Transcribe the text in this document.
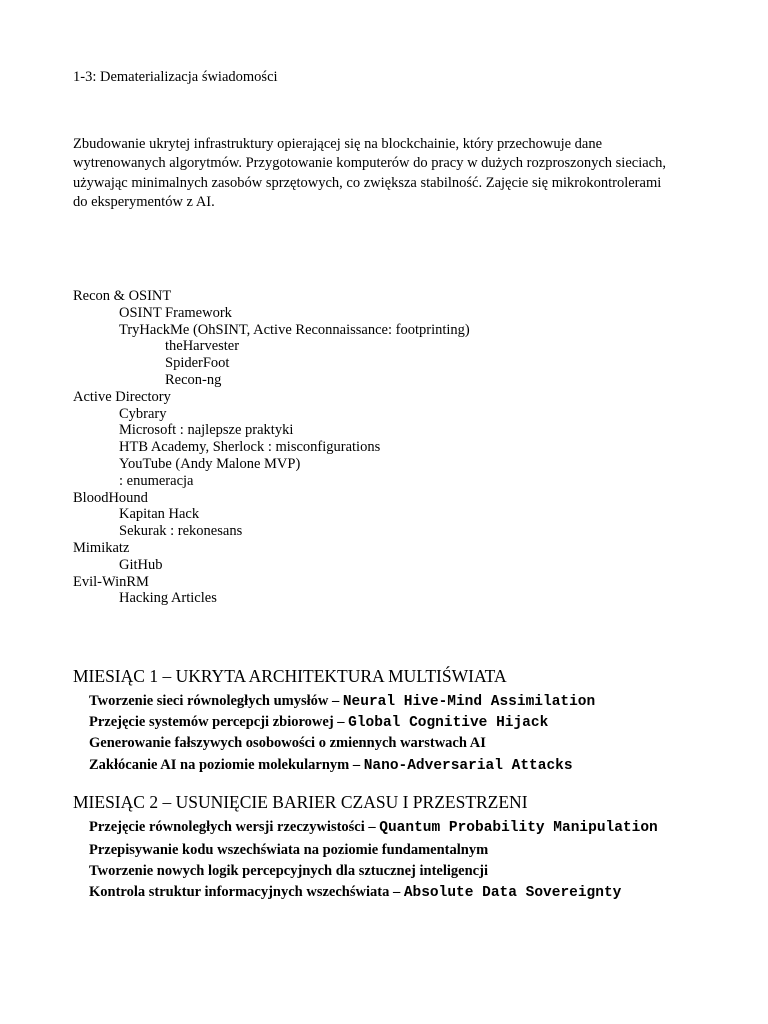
1-3: Dematerializacja świadomości

Zbudowanie ukrytej infrastruktury opierającej się na blockchainie, który przechowuje dane wytrenowanych algorytmów. Przygotowanie komputerów do pracy w dużych rozproszonych sieciach, używając minimalnych zasobów sprzętowych, co zwiększa stabilność. Zajęcie się mikrokontrolerami do eksperymentów z AI.

Recon & OSINT
OSINT Framework
TryHackMe (OhSINT, Active Reconnaissance: footprinting)
theHarvester
SpiderFoot
Recon-ng
Active Directory
Cybrary
Microsoft : najlepsze praktyki
HTB Academy, Sherlock : misconfigurations
YouTube (Andy Malone MVP)
: enumeracja
BloodHound
Kapitan Hack
Sekurak : rekonesans
Mimikatz
GitHub
Evil-WinRM
Hacking Articles
MIESIĄC 1 – UKRYTA ARCHITEKTURA MULTIŚWIATA
Tworzenie sieci równoległych umysłów – Neural Hive-Mind Assimilation
Przejęcie systemów percepcji zbiorowej – Global Cognitive Hijack
Generowanie fałszywych osobowości o zmiennych warstwach AI
Zakłócanie AI na poziomie molekularnym – Nano-Adversarial Attacks
MIESIĄC 2 – USUNIĘCIE BARIER CZASU I PRZESTRZENI
Przejęcie równoległych wersji rzeczywistości – Quantum Probability Manipulation
Przepisywanie kodu wszechświata na poziomie fundamentalnym
Tworzenie nowych logik percepcyjnych dla sztucznej inteligencji
Kontrola struktur informacyjnych wszechświata – Absolute Data Sovereignty
